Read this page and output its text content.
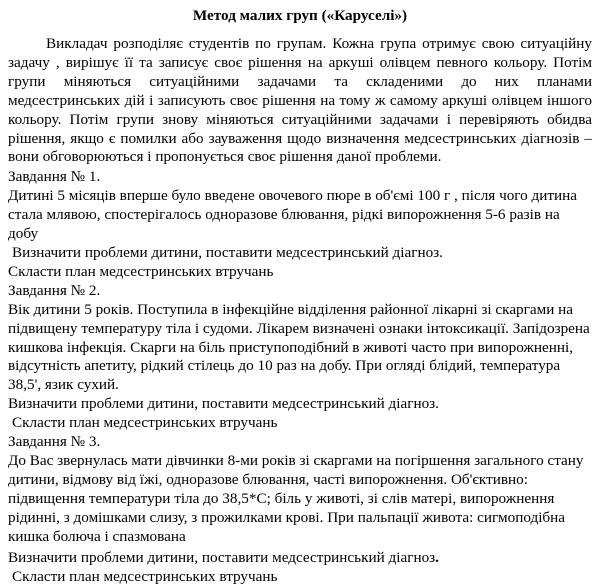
Метод малих груп («Каруселі»)

Викладач розподіляє студентів по групам. Кожна група отримує свою ситуаційну задачу , вирішує її та записує своє рішення на аркуші олівцем певного кольору. Потім групи міняються ситуаційними задачами та складеними до них планами медсестринських дій і записують своє рішення на тому ж самому аркуші олівцем іншого кольору. Потім групи знову міняються ситуаційними задачами і перевіряють обидва рішення, якщо є помилки або зауваження щодо визначення медсестринських діагнозів – вони обговорюються і пропонується своє рішення даної проблеми.

Завдання № 1.

Дитині 5 місяців вперше було введене овочевого пюре в об'ємі 100 г , після чого дитина стала млявою, спостерігалось одноразове блювання, рідкі випорожнення 5-6 разів на добу

Визначити проблеми дитини, поставити медсестринський діагноз.

Скласти план медсестринських втручань

Завдання № 2.

Вік дитини 5 років. Поступила в інфекційне відділення районної лікарні зі скаргами на підвищену температуру тіла і судоми. Лікарем визначені ознаки інтоксикації. Запідозрена кишкова інфекція. Скарги на біль приступоподібний в животі часто при випорожненні, відсутність апетиту, рідкий стілець до 10 раз на добу. При огляді блідий, температура 38,5', язик сухий.

Визначити проблеми дитини, поставити медсестринський діагноз.

Скласти план медсестринських втручань

Завдання № 3.

До Вас звернулась мати дівчинки 8-ми років зі скаргами на погіршення загального стану дитини, відмову від їжі, одноразове блювання, часті випорожнення. Об'єктивно: підвищення температури тіла до 38,5*С; біль у животі, зі слів матері, випорожнення рідинні, з домішками слизу, з прожилками крові. При пальпації живота: сигмоподібна кишка болюча і спазмована

Визначити проблеми дитини, поставити медсестринський діагноз.

Скласти план медсестринських втручань
